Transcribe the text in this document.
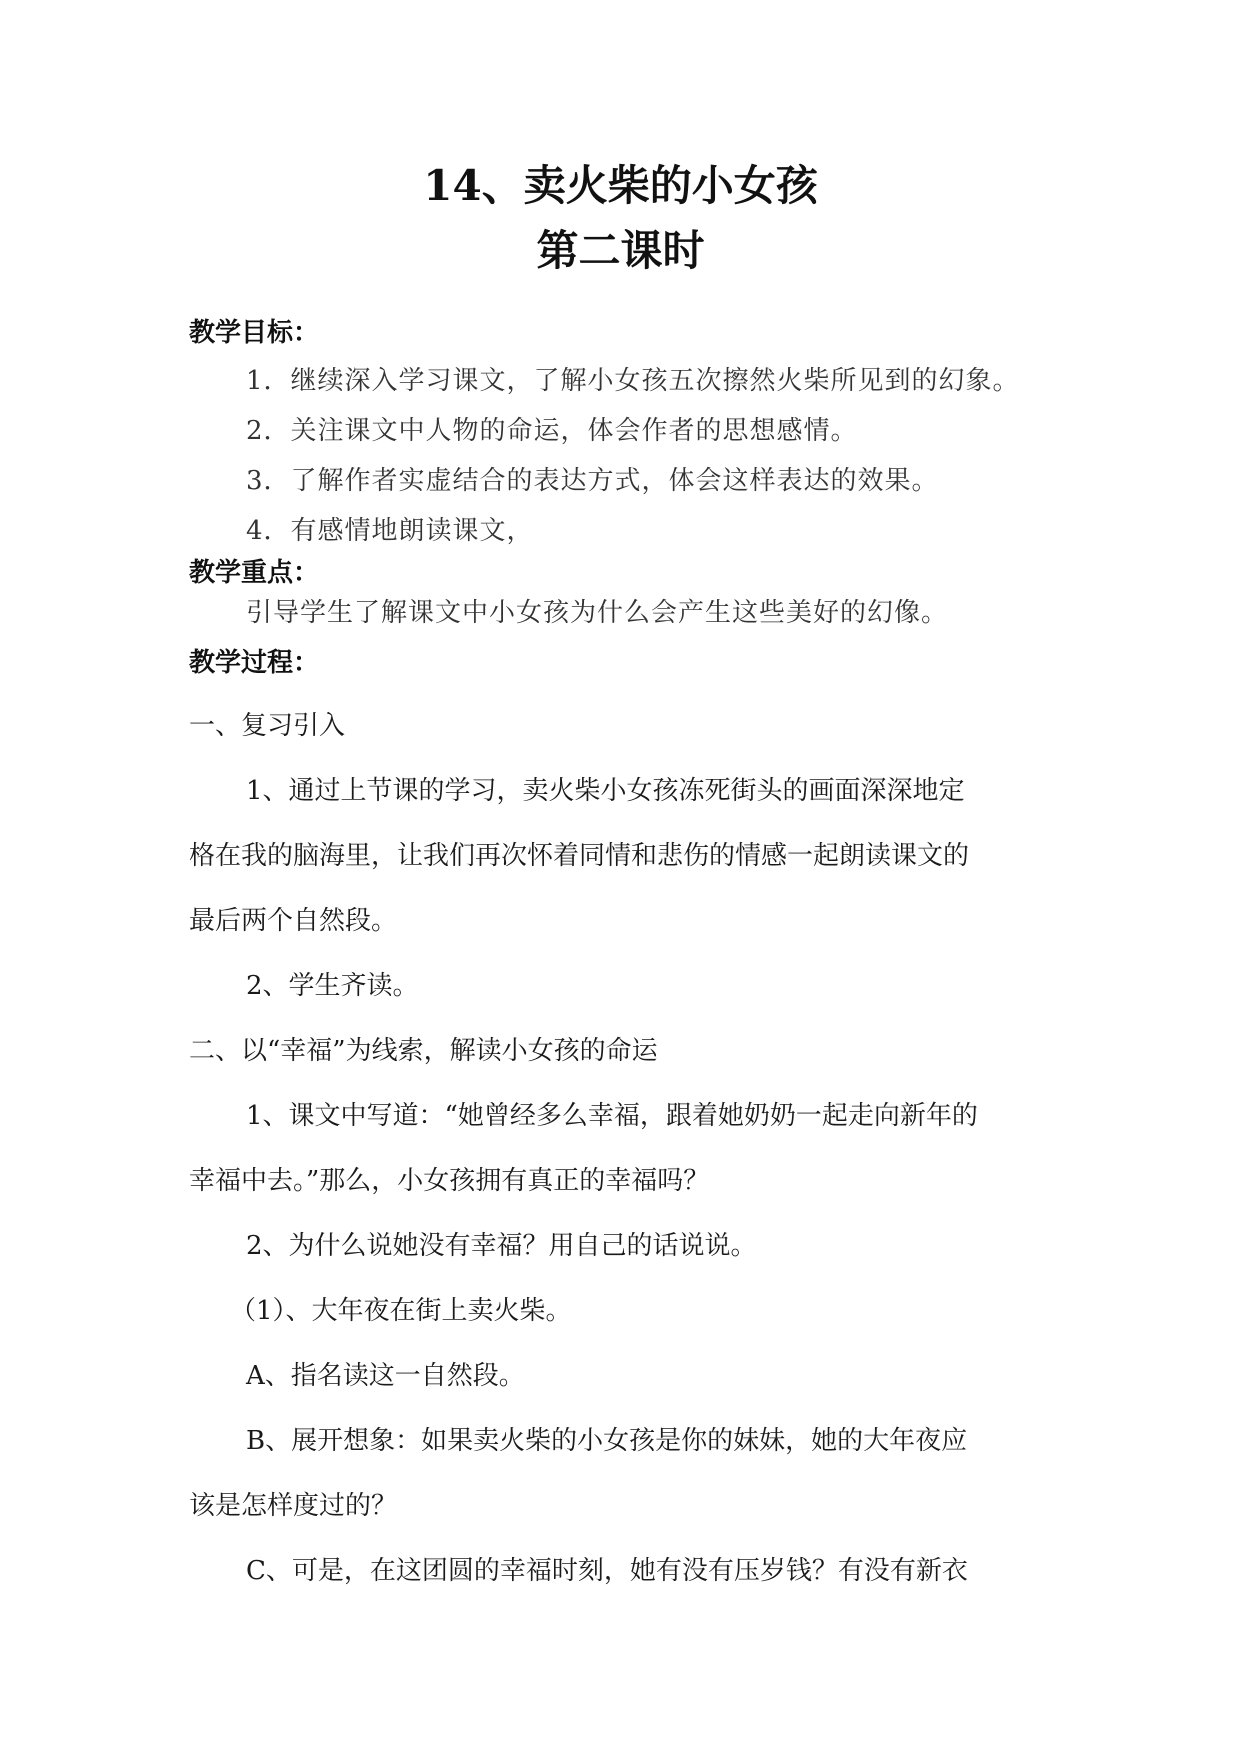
14、卖火柴的小女孩
第二课时
教学目标：
1．继续深入学习课文，了解小女孩五次擦然火柴所见到的幻象。
2．关注课文中人物的命运，体会作者的思想感情。
3．了解作者实虚结合的表达方式，体会这样表达的效果。
4．有感情地朗读课文，
教学重点：
引导学生了解课文中小女孩为什么会产生这些美好的幻像。
教学过程：
一、复习引入
1、通过上节课的学习，卖火柴小女孩冻死街头的画面深深地定
格在我的脑海里，让我们再次怀着同情和悲伤的情感一起朗读课文的
最后两个自然段。
2、学生齐读。
二、以“幸福”为线索，解读小女孩的命运
1、课文中写道：“她曾经多么幸福，跟着她奶奶一起走向新年的
幸福中去。”那么，小女孩拥有真正的幸福吗？
2、为什么说她没有幸福？用自己的话说说。
（1）、大年夜在街上卖火柴。
A、指名读这一自然段。
B、展开想象：如果卖火柴的小女孩是你的妹妹，她的大年夜应
该是怎样度过的？
C、可是，在这团圆的幸福时刻，她有没有压岁钱？有没有新衣
